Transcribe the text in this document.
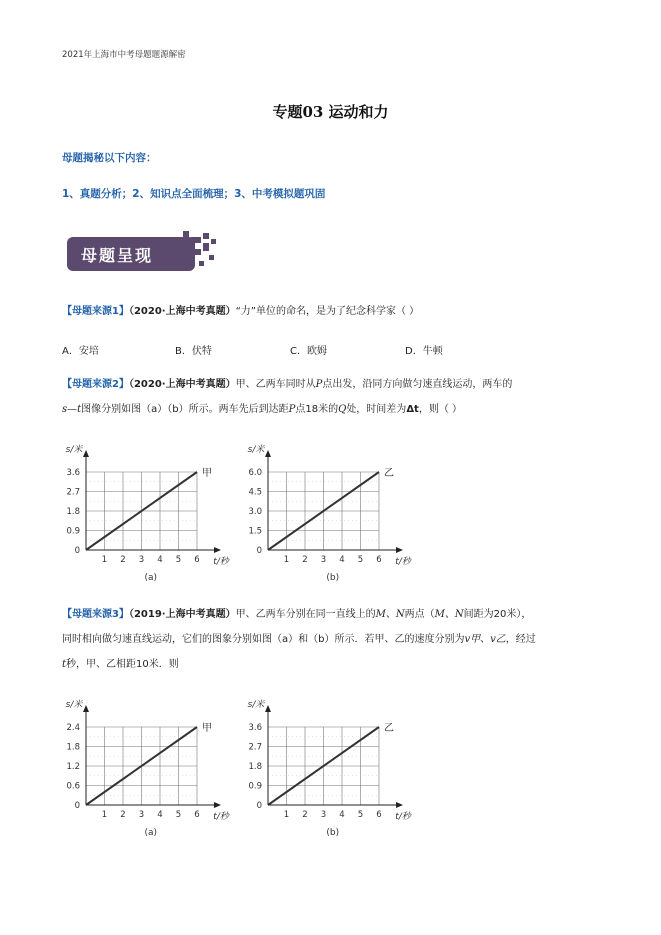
2021年上海市中考母题题源解密
专题03 运动和力
母题揭秘以下内容：
1、真题分析；2、知识点全面梳理；3、中考模拟题巩固
母题呈现
【母题来源1】（2020·上海中考真题）“力”单位的命名，是为了纪念科学家（ ）
A．安培	B．伏特	C．欧姆	D．牛顿
【母题来源2】（2020·上海中考真题）甲、乙两车同时从P点出发，沿同方向做匀速直线运动，两车的
s—t图像分别如图（a）（b）所示。两车先后到达距P点18米的Q处，时间差为Δt，则（ ）
【母题来源3】（2019·上海中考真题）甲、乙两车分别在同一直线上的M、N两点（M、N间距为20米），
同时相向做匀速直线运动，它们的图象分别如图（a）和（b）所示．若甲、乙的速度分别为v甲、v乙，经过
t秒，甲、乙相距10米．则
0
0.9
1.8
2.7
3.6
1 2 3 4 5 6
s/米
t/秒
(a)
甲
0
1.5
3.0
4.5
6.0
1 2 3 4 5 6
s/米
t/秒
(b)
乙
0
0.6
1.2
1.8
2.4
1 2 3 4 5 6
s/米
t/秒
(a)
甲
0
0.9
1.8
2.7
3.6
1 2 3 4 5 6
s/米
t/秒
(b)
乙
